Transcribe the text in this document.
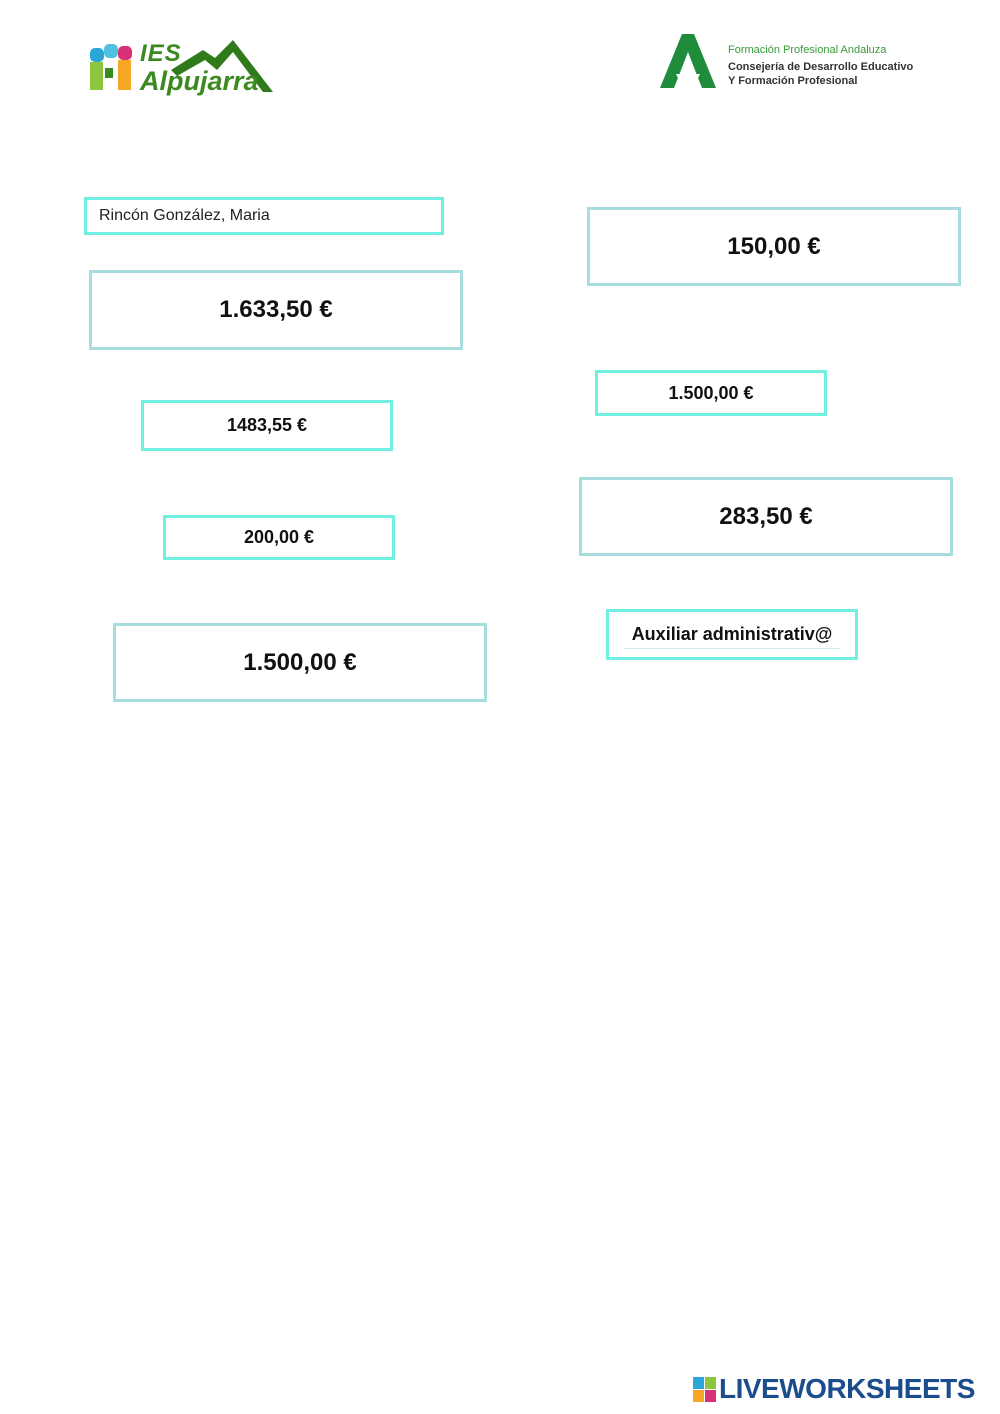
IES
Alpujarra
Formación Profesional Andaluza
Consejería de Desarrollo Educativo
Y Formación Profesional
Rincón González, Maria
1.633,50 €
1483,55 €
200,00 €
1.500,00 €
150,00 €
1.500,00 €
283,50 €
Auxiliar administrativ@
LIVEWORKSHEETS
